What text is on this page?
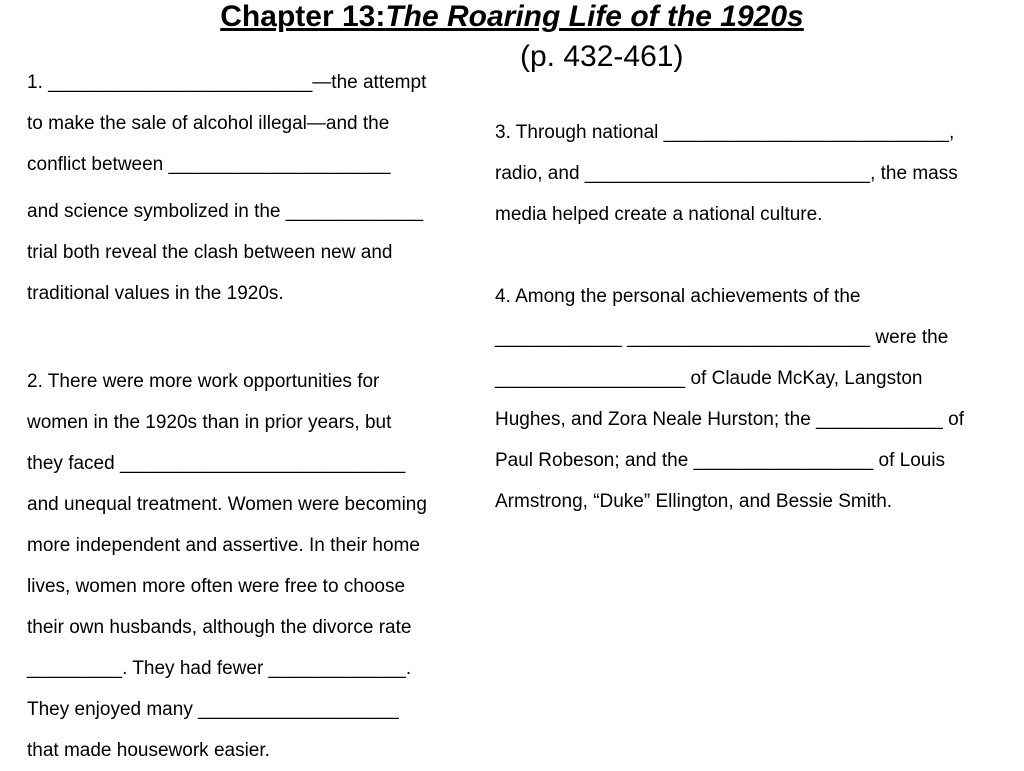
Chapter 13:The Roaring Life of the 1920s
(p. 432-461)
1. _________________________—the attempt
to make the sale of alcohol illegal—and the
conflict between _____________________
and science symbolized in the _____________
trial both reveal the clash between new and
traditional values in the 1920s.
2. There were more work opportunities for
women in the 1920s than in prior years, but
they faced ___________________________
and unequal treatment. Women were becoming
more independent and assertive. In their home
lives, women more often were free to choose
their own husbands, although the divorce rate
_________. They had fewer _____________.
They enjoyed many ___________________
that made housework easier.
3. Through national ___________________________,
radio, and ___________________________, the mass
media helped create a national culture.
4. Among the personal achievements of the
____________ _______________________ were the
__________________ of Claude McKay, Langston
Hughes, and Zora Neale Hurston; the ____________ of
Paul Robeson; and the _________________ of Louis
Armstrong, “Duke” Ellington, and Bessie Smith.
